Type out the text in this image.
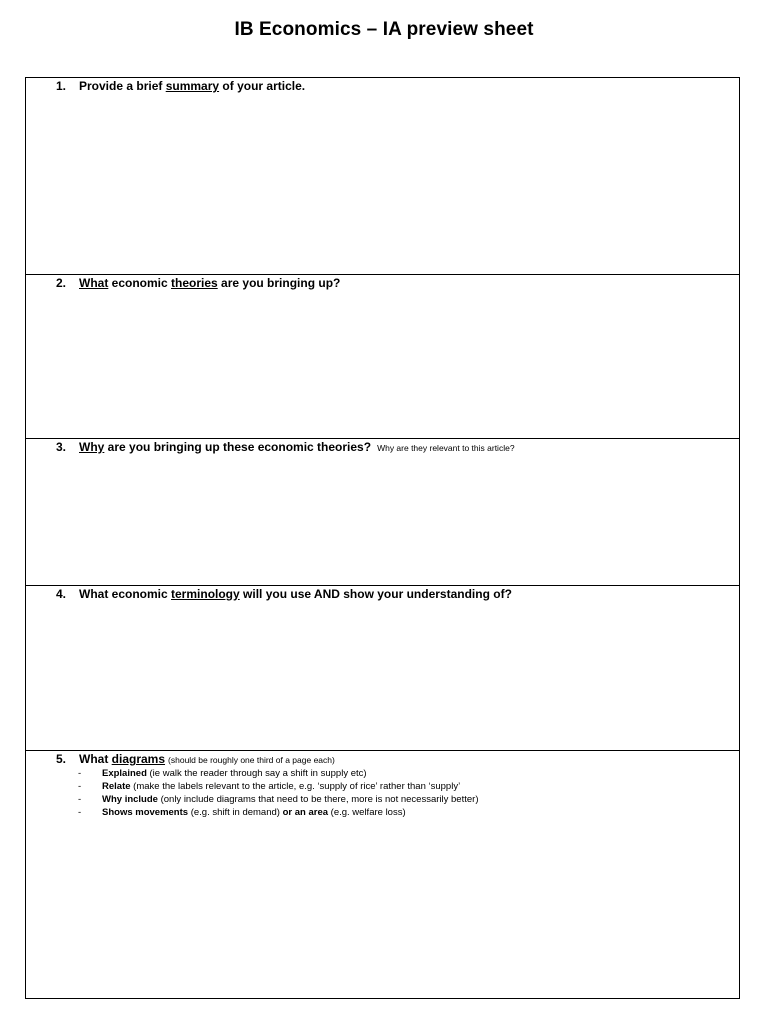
IB Economics – IA preview sheet
1. Provide a brief summary of your article.
2. What economic theories are you bringing up?
3. Why are you bringing up these economic theories? Why are they relevant to this article?
4. What economic terminology will you use AND show your understanding of?
5. What diagrams (should be roughly one third of a page each)
- Explained (ie walk the reader through say a shift in supply etc)
- Relate (make the labels relevant to the article, e.g. ‘supply of rice’ rather than ‘supply’
- Why include (only include diagrams that need to be there, more is not necessarily better)
- Shows movements (e.g. shift in demand) or an area (e.g. welfare loss)
